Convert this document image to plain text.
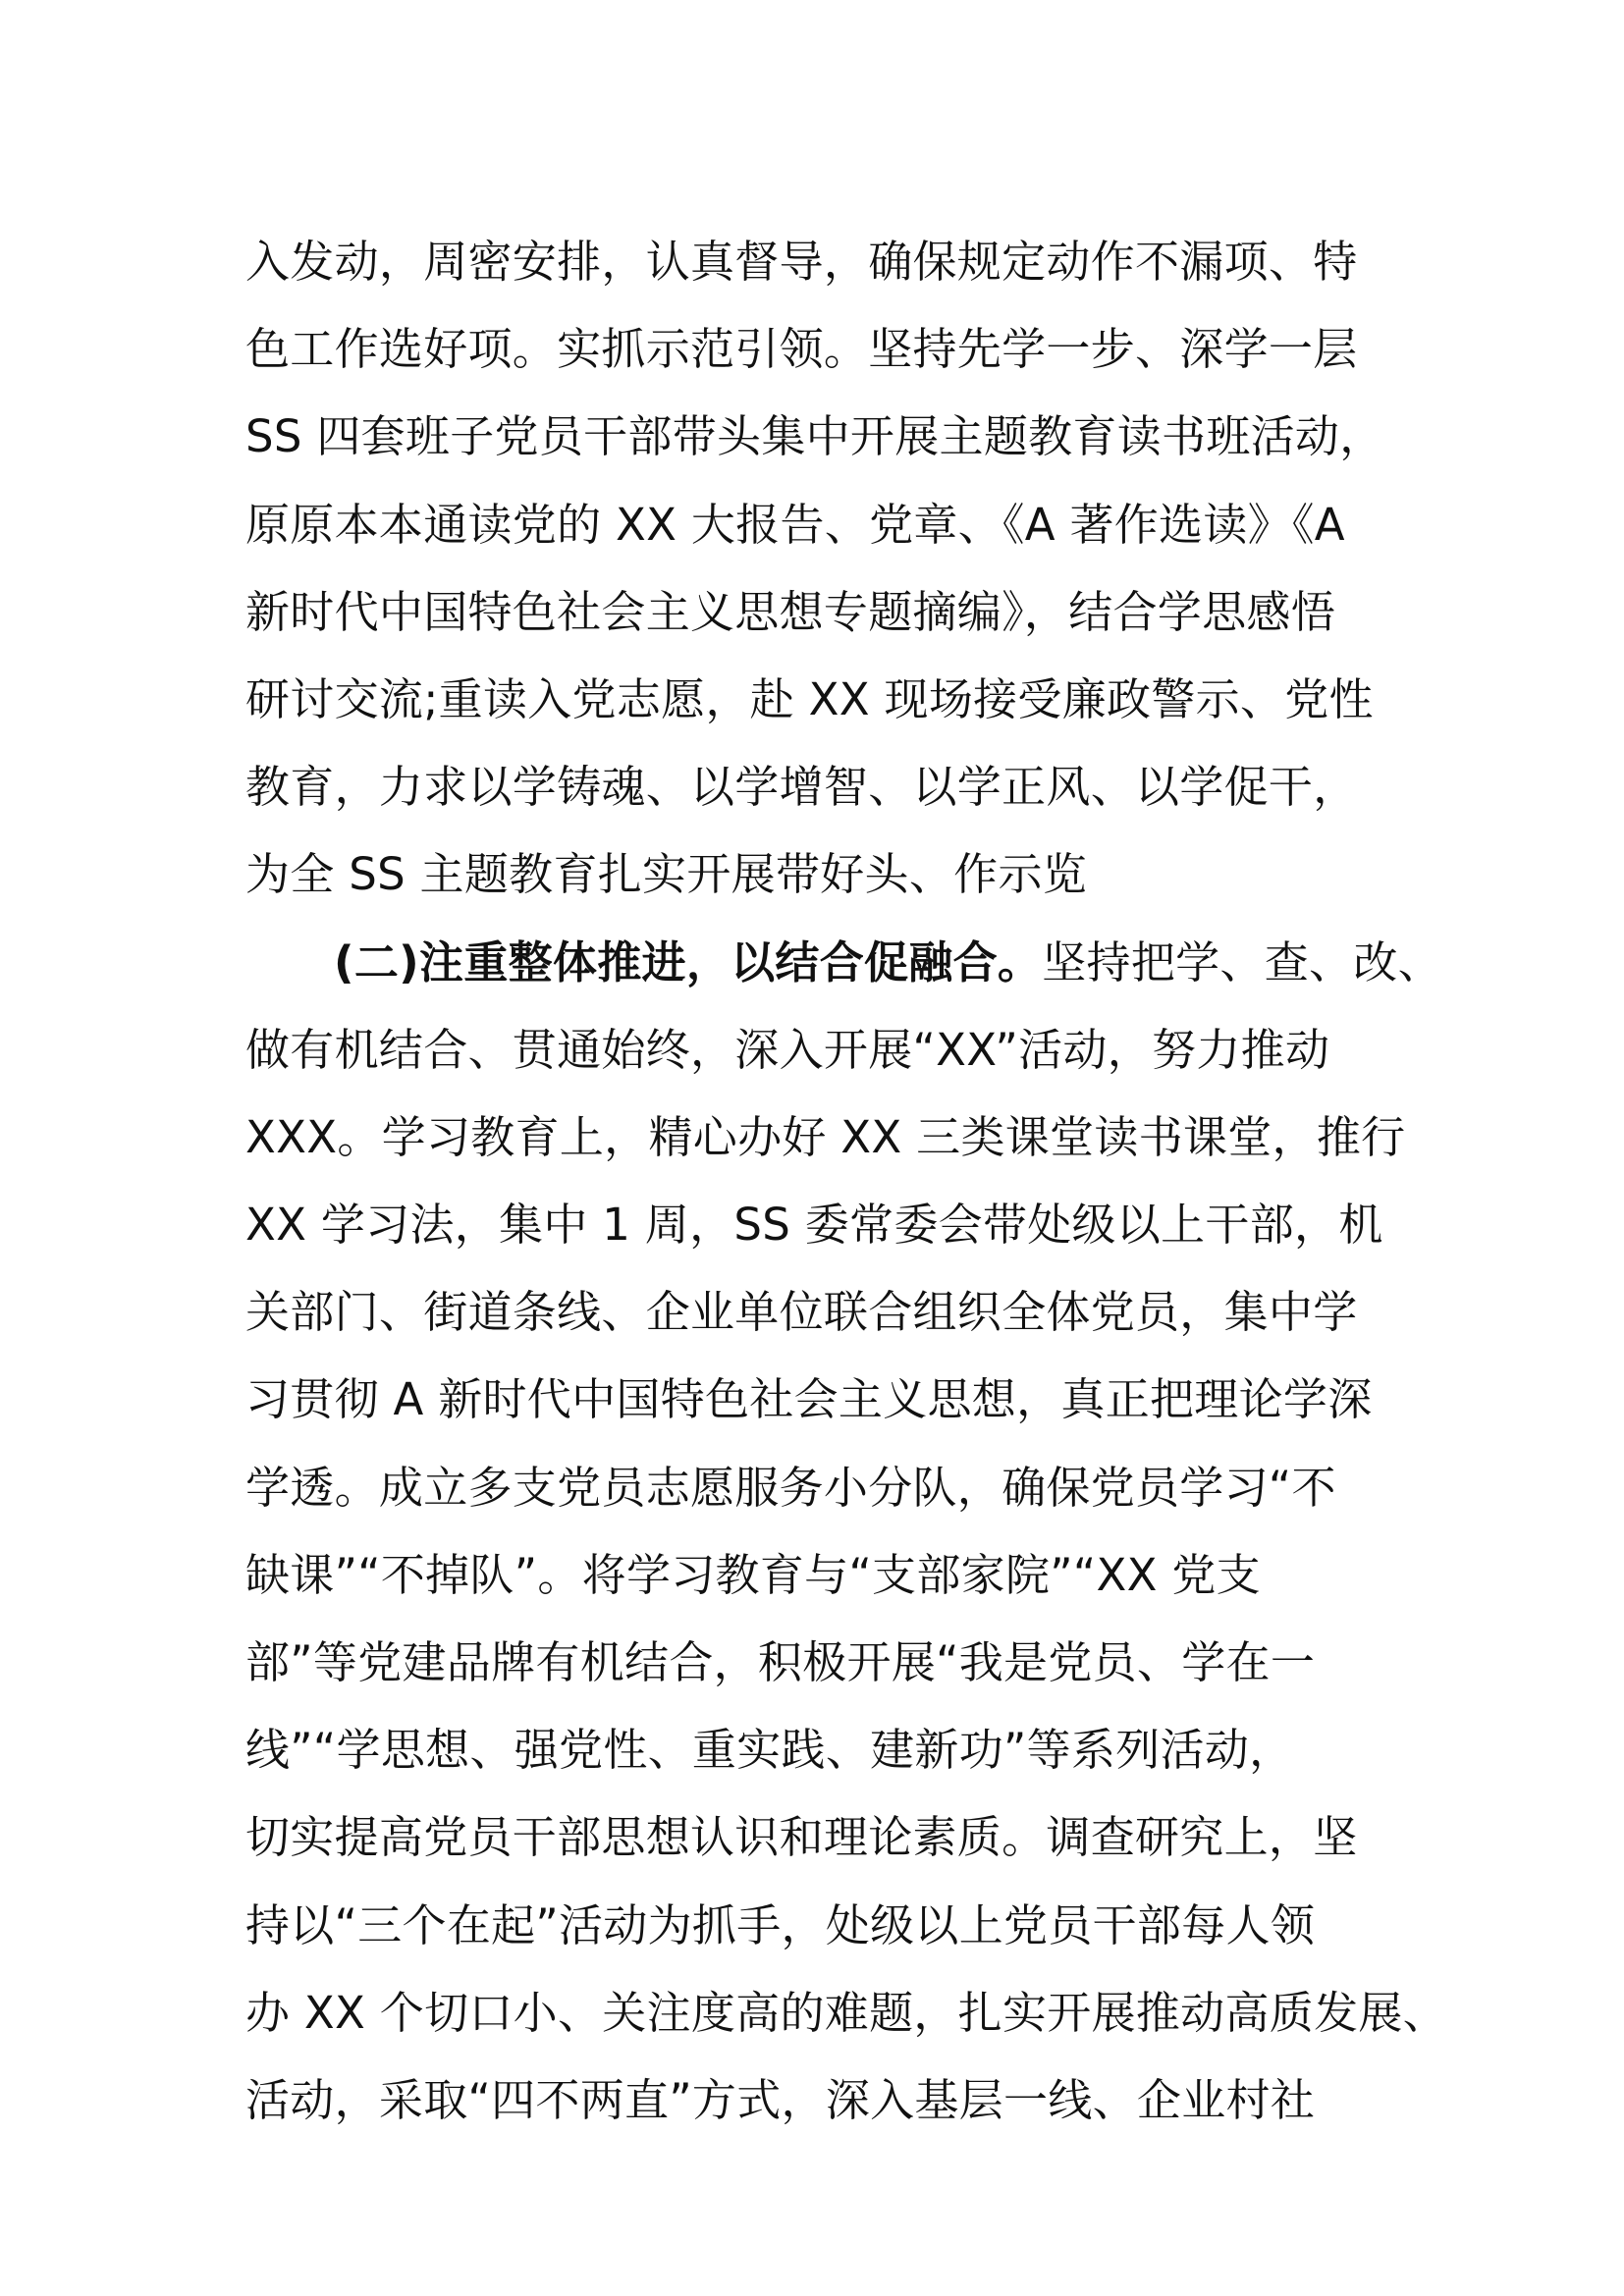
入发动，周密安排，认真督导，确保规定动作不漏项、特
色工作选好项。实抓示范引领。坚持先学一步、深学一层
SS 四套班子党员干部带头集中开展主题教育读书班活动，
原原本本通读党的 XX 大报告、党章、《A 著作选读》《A
新时代中国特色社会主义思想专题摘编》，结合学思感悟
研讨交流;重读入党志愿，赴 XX 现场接受廉政警示、党性
教育，力求以学铸魂、以学增智、以学正风、以学促干，
为全 SS 主题教育扎实开展带好头、作示览
(二)注重整体推进，以结合促融合。坚持把学、查、改、
做有机结合、贯通始终，深入开展“XX”活动，努力推动
XXX。学习教育上，精心办好 XX 三类课堂读书课堂，推行
XX 学习法，集中 1 周，SS 委常委会带处级以上干部，机
关部门、街道条线、企业单位联合组织全体党员，集中学
习贯彻 A 新时代中国特色社会主义思想，真正把理论学深
学透。成立多支党员志愿服务小分队，确保党员学习“不
缺课”“不掉队”。将学习教育与“支部家院”“XX 党支
部”等党建品牌有机结合，积极开展“我是党员、学在一
线”“学思想、强党性、重实践、建新功”等系列活动，
切实提高党员干部思想认识和理论素质。调查研究上，坚
持以“三个在起”活动为抓手，处级以上党员干部每人领
办 XX 个切口小、关注度高的难题，扎实开展推动高质发展、
活动，采取“四不两直”方式，深入基层一线、企业村社
